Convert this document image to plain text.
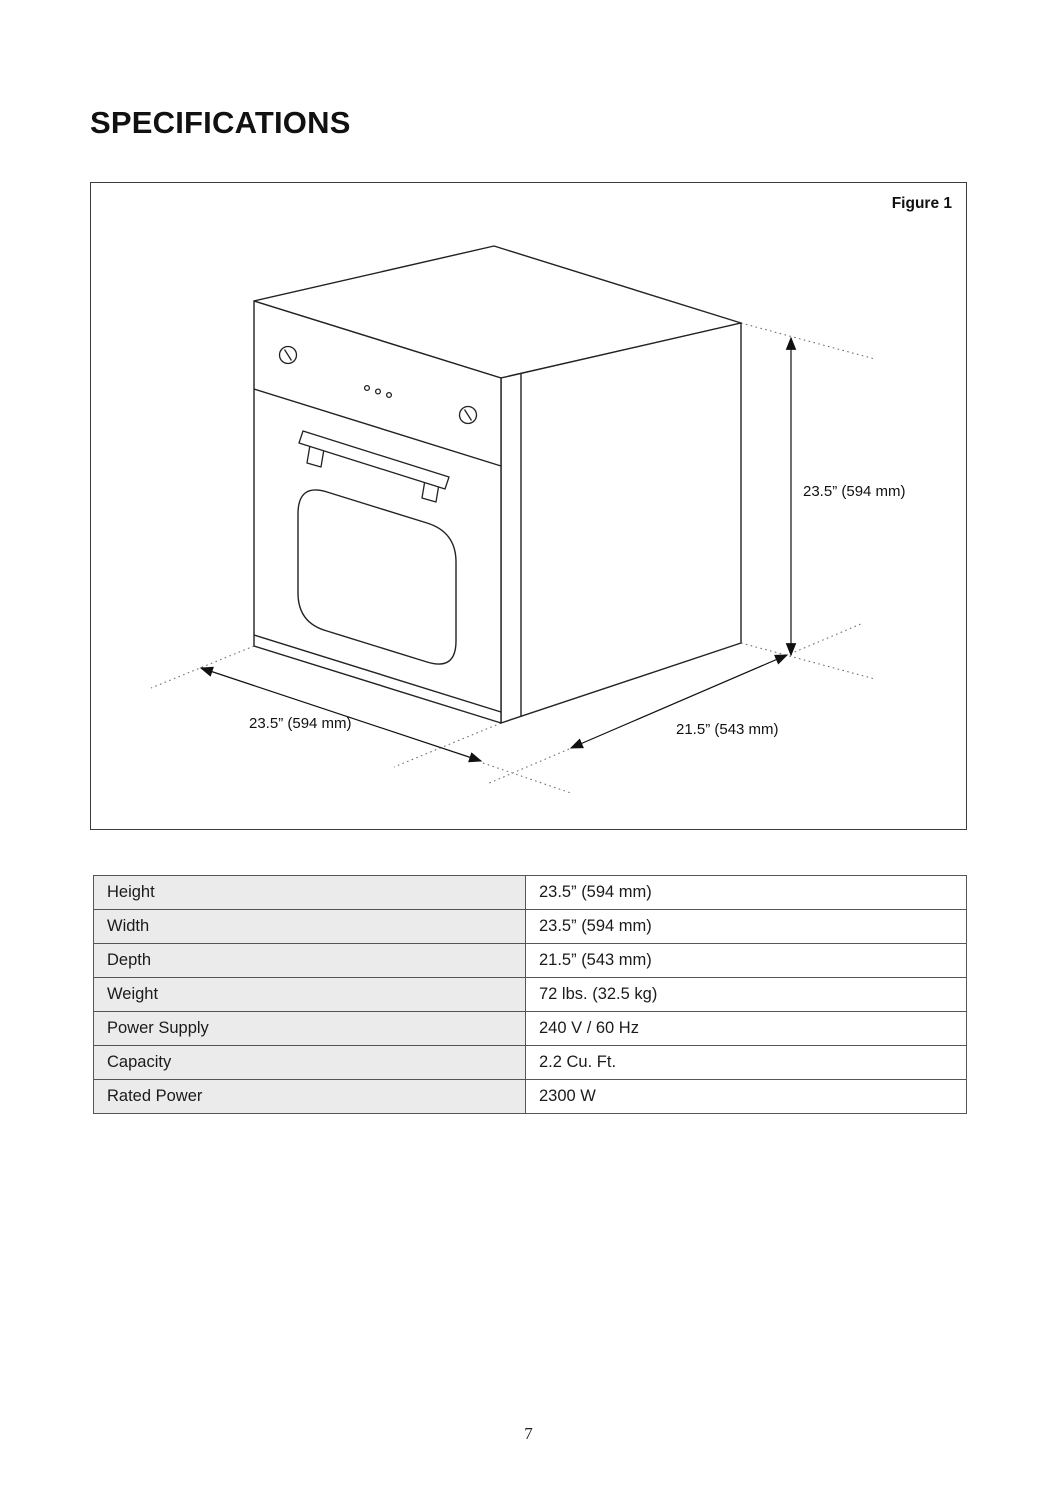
SPECIFICATIONS
Figure 1
23.5” (594 mm)
23.5” (594 mm)	21.5” (543 mm)
Height	23.5” (594 mm)
Width	23.5” (594 mm)
Depth	21.5” (543 mm)
Weight	72 lbs. (32.5 kg)
Power Supply	240 V / 60 Hz
Capacity	2.2 Cu. Ft.
Rated Power	2300 W
7
